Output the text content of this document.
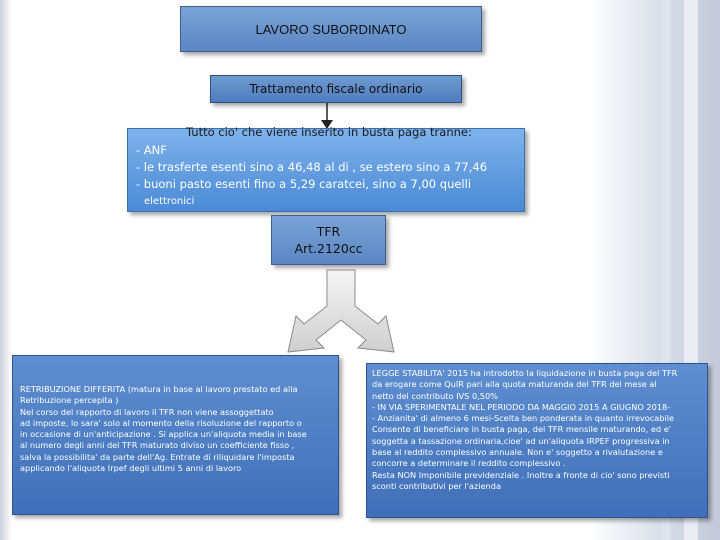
LAVORO SUBORDINATO
Trattamento fiscale ordinario
Tutto cio' che viene inserito in busta paga tranne:
- ANF
- le trasferte esenti sino a 46,48 al di , se estero sino a 77,46
- buoni pasto esenti fino a 5,29 caratcei, sino a 7,00 quelli
elettronici
TFR
Art.2120cc

RETRIBUZIONE DIFFERITA (matura in base al lavoro prestato ed alla

Retribuzione percepita )

Nel corso del rapporto di lavoro il TFR non viene assoggettato

ad imposte, lo sara' solo al momento della risoluzione del rapporto o

in occasione di un'anticipazione . Si applica un'aliquota media in base

al numero degli anni del TFR maturato diviso un coefficiente fisso ,

salva la possibilita' da parte dell'Ag. Entrate di riliquidare l'imposta

applicando l'aliquota Irpef degli ultimi 5 anni di lavoro

LEGGE STABILITA' 2015 ha introdotto la liquidazione in busta paga del TFR

da erogare come QuIR pari alla quota maturanda del TFR del mese al

netto del contributo IVS 0,50%

- IN VIA SPERIMENTALE NEL PERIODO DA MAGGIO 2015 A GIUGNO 2018-

- Anzianita' di almeno 6 mesi-Scelta ben ponderata in quanto irrevocabile

Consente di beneficiare in busta paga, del TFR mensile maturando, ed e'

soggetta a tassazione ordinaria,cioe' ad un'aliquota IRPEF progressiva in

base al reddito complessivo annuale. Non e' soggetto a rivalutazione e

concorre a determinare il reddito complessivo .

Resta NON Imponibile previdenziale . Inoltre a fronte di cio' sono previsti

sconti contributivi per l'azienda
